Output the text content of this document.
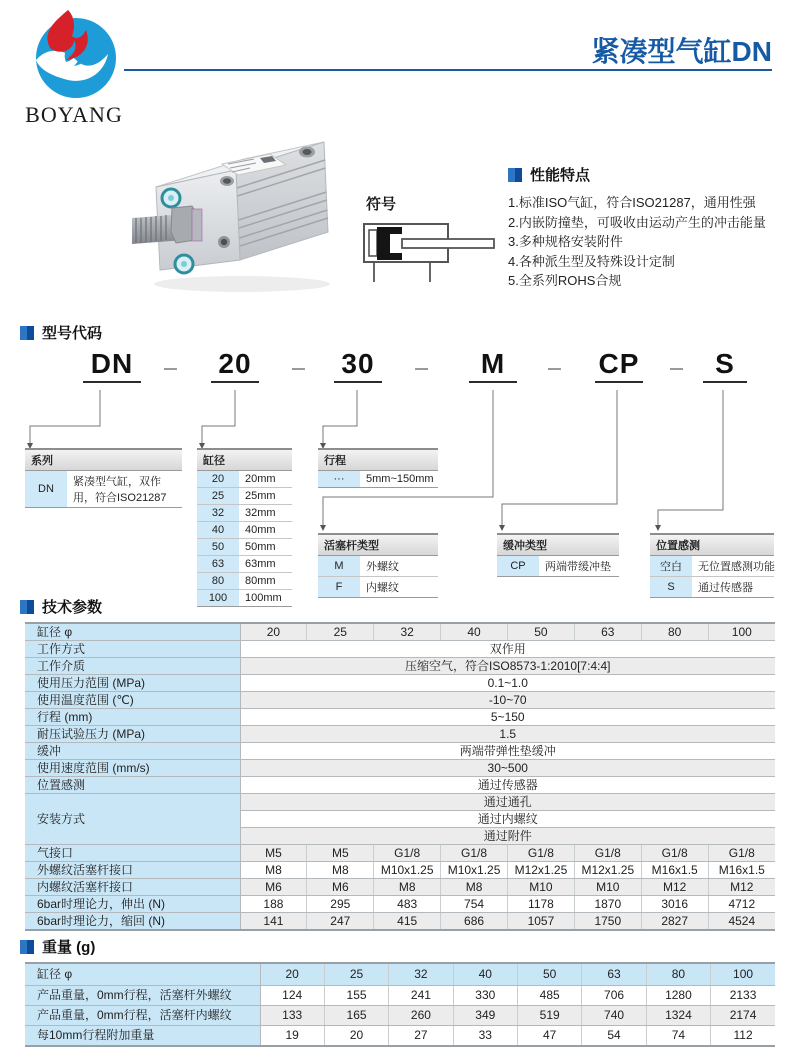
BOYANG
紧凑型气缸DN
符号
性能特点
1.标准ISO气缸，符合ISO21287，通用性强
2.内嵌防撞垫，可吸收由运动产生的冲击能量
3.多种规格安装附件
4.各种派生型及特殊设计定制
5.全系列ROHS合规
型号代码
DN	20	30	M	CP	S
系列
DN
紧凑型气缸，双作用，符合ISO21287
缸径
20	20mm
25	25mm
32	32mm
40	40mm
50	50mm
63	63mm
80	80mm
100	100mm
行程
···	5mm~150mm
活塞杆类型
M	外螺纹
F	内螺纹
缓冲类型
CP	两端带缓冲垫
位置感测
空白	无位置感测功能
S	通过传感器
技术参数
缸径 φ	20	25	32	40	50	63	80	100
工作方式	双作用							
工作介质	压缩空气，符合ISO8573-1:2010[7:4:4]							
使用压力范围 (MPa)	0.1~1.0							
使用温度范围 (℃)	-10~70							
行程 (mm)	5~150							
耐压试验压力 (MPa)	1.5							
缓冲	两端带弹性垫缓冲							
使用速度范围 (mm/s)	30~500							
位置感测	通过传感器							
安装方式	通过通孔							
	通过内螺纹							
	通过附件							
气接口	M5	M5	G1/8	G1/8	G1/8	G1/8	G1/8	G1/8
外螺纹活塞杆接口	M8	M8	M10x1.25	M10x1.25	M12x1.25	M12x1.25	M16x1.5	M16x1.5
内螺纹活塞杆接口	M6	M6	M8	M8	M10	M10	M12	M12
6bar时理论力，伸出 (N)	188	295	483	754	1178	1870	3016	4712
6bar时理论力，缩回 (N)	141	247	415	686	1057	1750	2827	4524
重量 (g)
缸径 φ	20	25	32	40	50	63	80	100
产品重量，0mm行程，活塞杆外螺纹	124	155	241	330	485	706	1280	2133
产品重量，0mm行程，活塞杆内螺纹	133	165	260	349	519	740	1324	2174
每10mm行程附加重量	19	20	27	33	47	54	74	112
